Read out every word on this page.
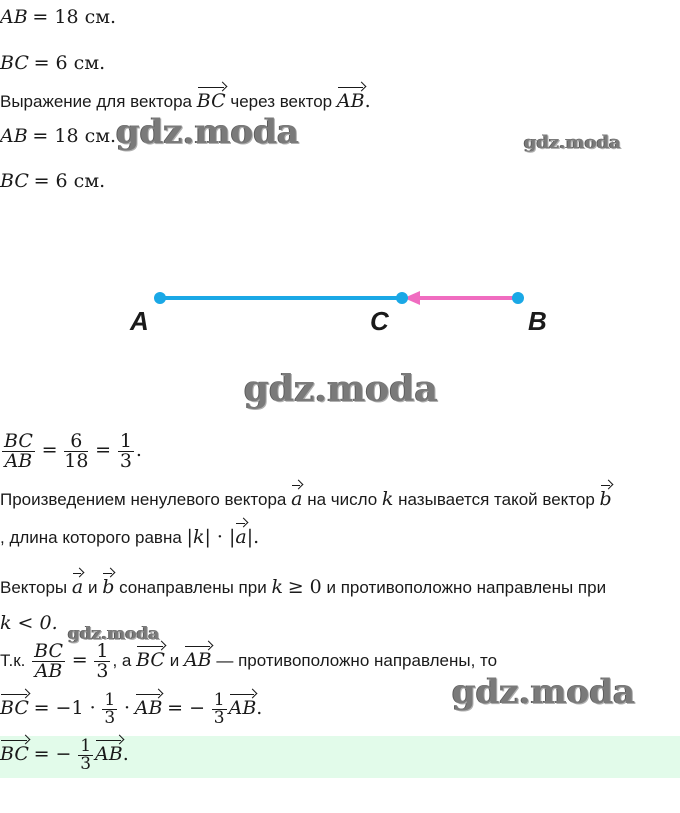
AB = 18 см.
BC = 6 см.
Выражение для вектора BC через вектор AB.
AB = 18 см.
BC = 6 см.
gdz.moda	gdz.moda
gdz.moda
gdz.moda
gdz.moda
A	C	B
$\frac{BC}{AB} = \frac{6}{18} = \frac{1}{3}$ .
Произведением ненулевого вектора a на число k называется такой вектор b
, длина которого равна |k| · |a|.
Векторы a и b сонаправлены при k ≥ 0 и противоположно направлены при
k < 0.
Т.к. $\frac{BC}{AB} = \frac{1}{3}$ , а BC и AB — противоположно направлены, то
BC = $-1 \cdot \frac{1}{3}$ · AB = − $\frac{1}{3}$ AB.
BC = − $\frac{1}{3}$ AB.
